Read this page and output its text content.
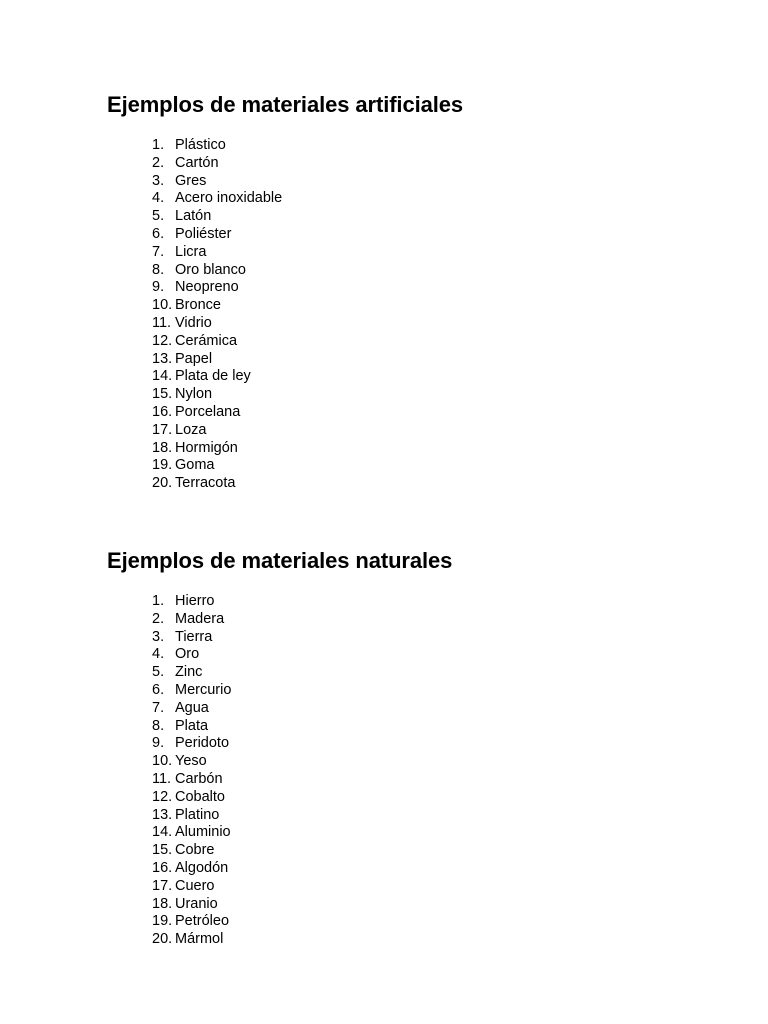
Ejemplos de materiales artificiales
1. Plástico
2. Cartón
3. Gres
4. Acero inoxidable
5. Latón
6. Poliéster
7. Licra
8. Oro blanco
9. Neopreno
10. Bronce
11. Vidrio
12. Cerámica
13. Papel
14. Plata de ley
15. Nylon
16. Porcelana
17. Loza
18. Hormigón
19. Goma
20. Terracota
Ejemplos de materiales naturales
1. Hierro
2. Madera
3. Tierra
4. Oro
5. Zinc
6. Mercurio
7. Agua
8. Plata
9. Peridoto
10. Yeso
11. Carbón
12. Cobalto
13. Platino
14. Aluminio
15. Cobre
16. Algodón
17. Cuero
18. Uranio
19. Petróleo
20. Mármol
